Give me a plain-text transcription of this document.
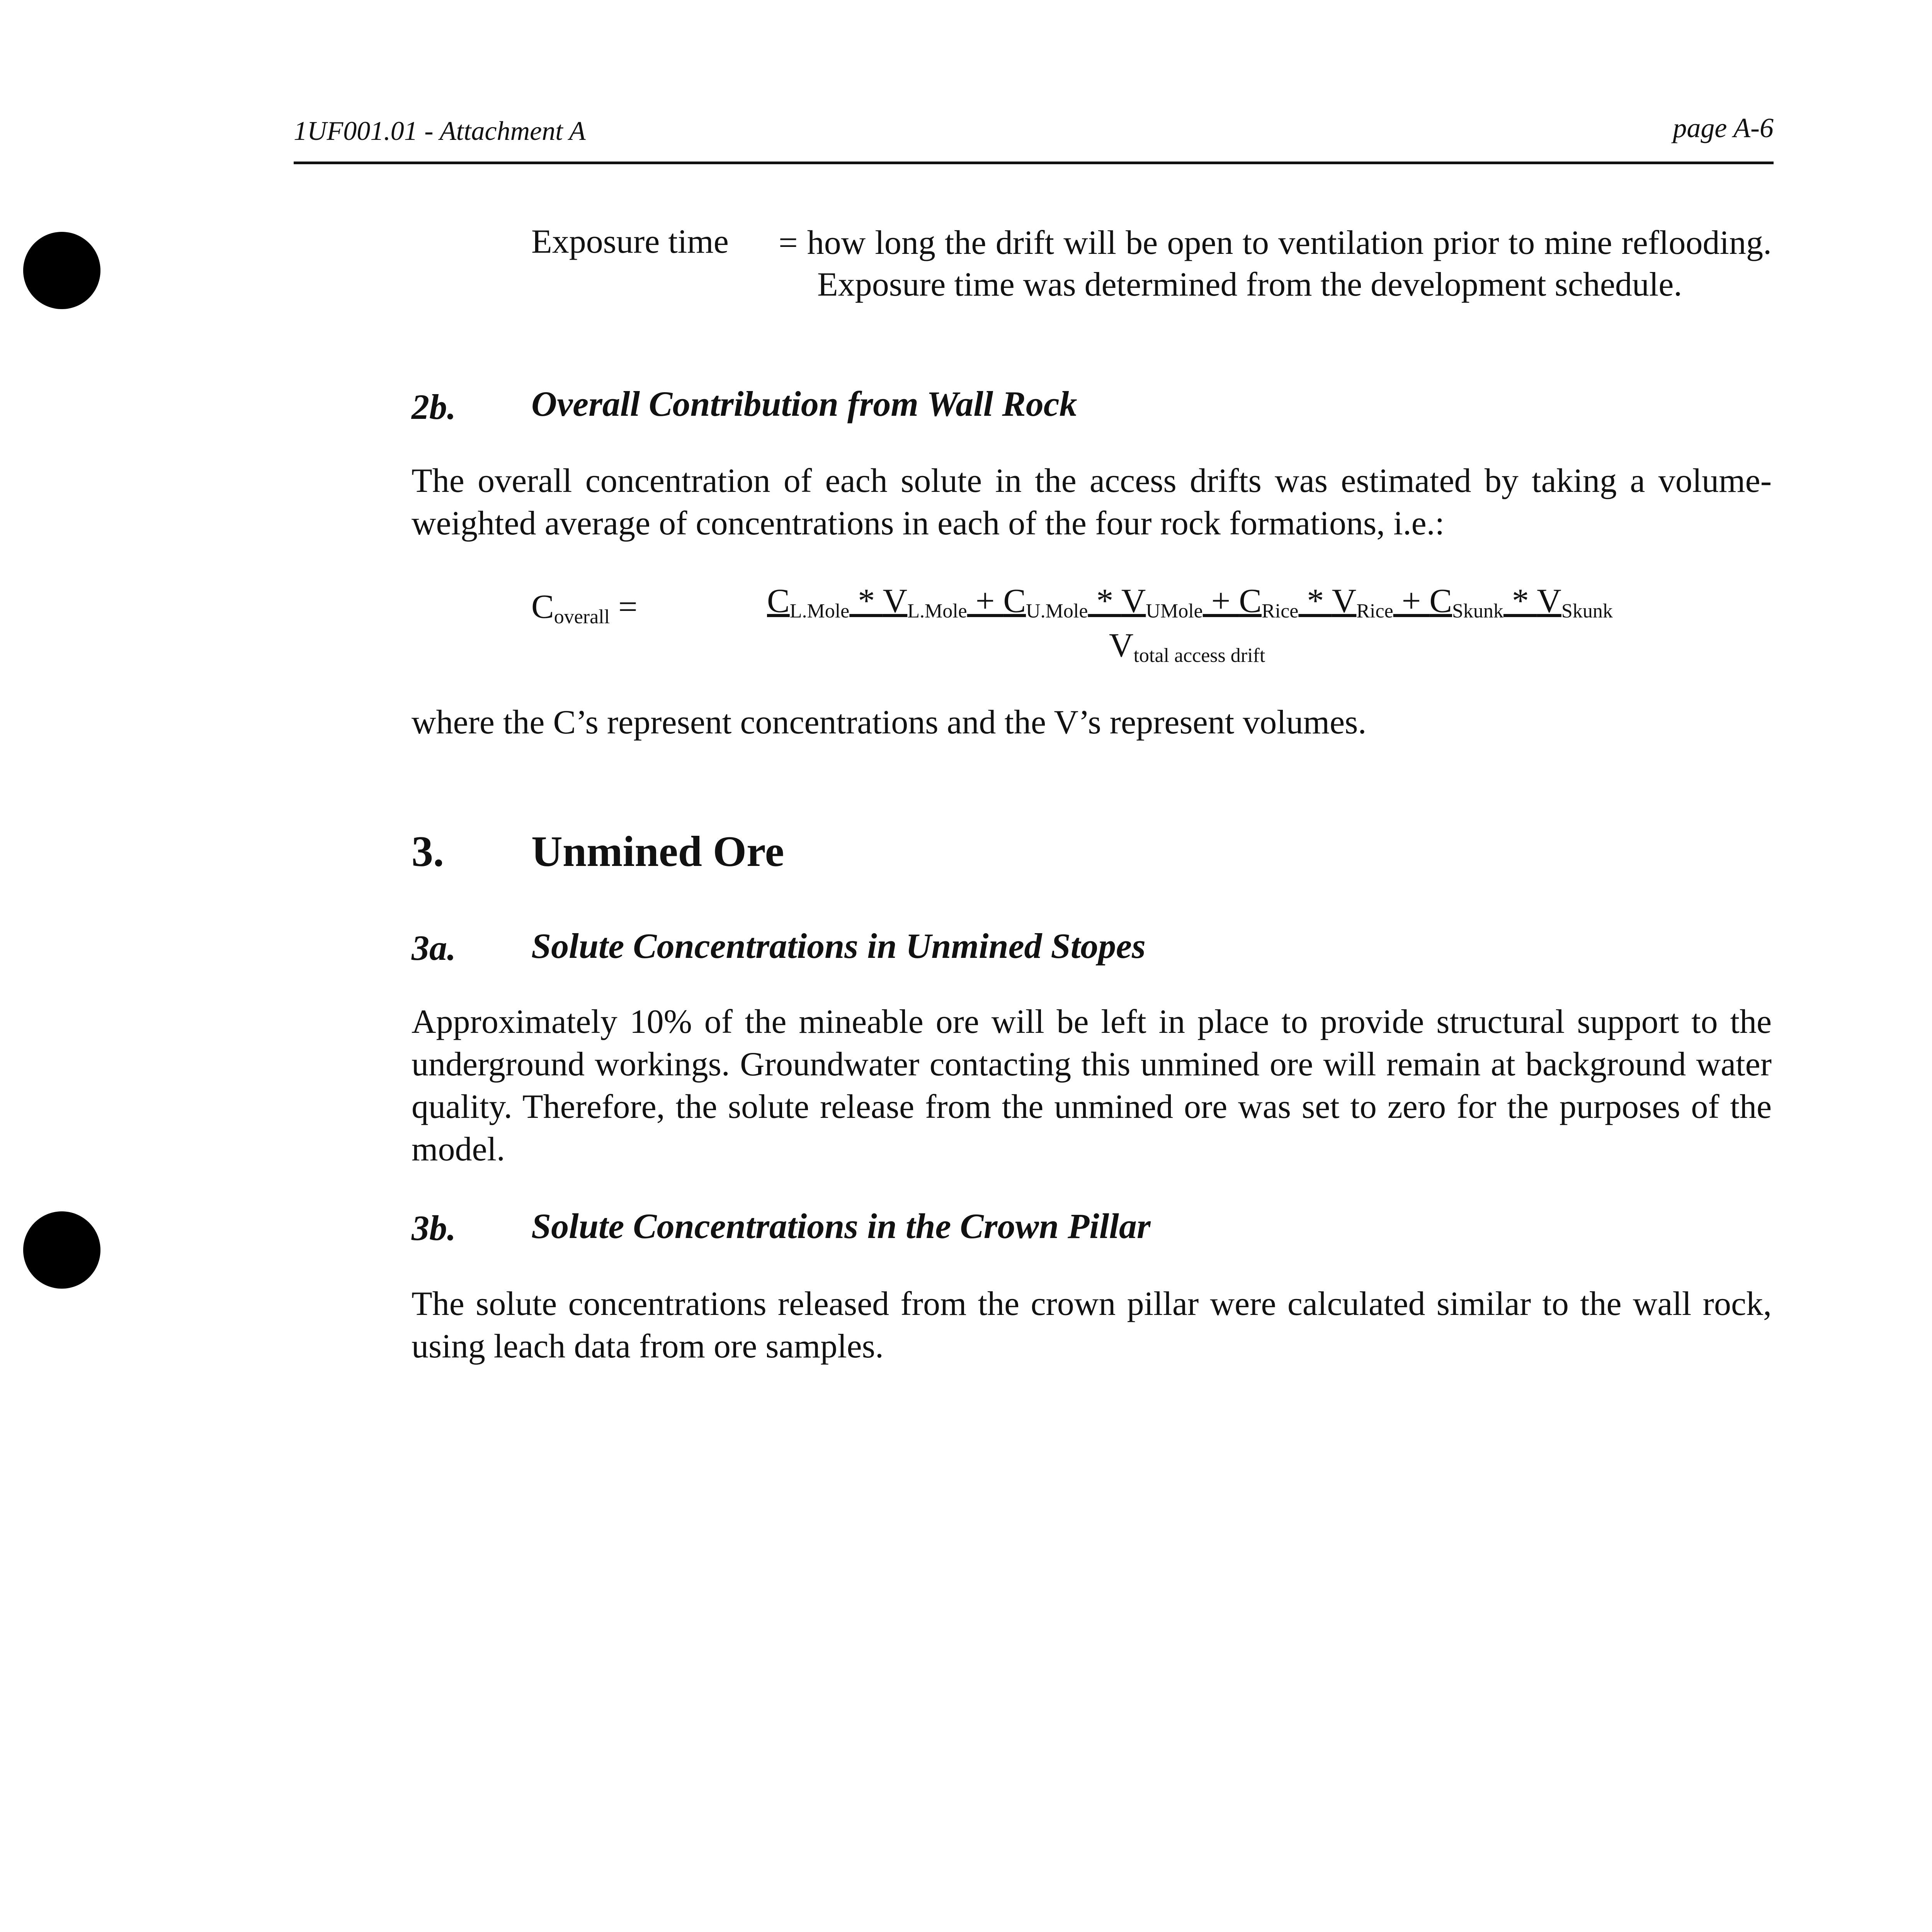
1UF001.01 - Attachment A	page A-6
Exposure time = how long the drift will be open to ventilation prior to mine reflooding. Exposure time was determined from the development schedule.
2b. Overall Contribution from Wall Rock
The overall concentration of each solute in the access drifts was estimated by taking a volume-weighted average of concentrations in each of the four rock formations, i.e.:
$C_{overall}$ =	$C_{L.Mole} * V_{L.Mole} + C_{U.Mole} * V_{UMole} + C_{Rice} * V_{Rice} + C_{Skunk} * V_{Skunk}$
$V_{total access drift}$
where the C’s represent concentrations and the V’s represent volumes.
3. Unmined Ore
3a. Solute Concentrations in Unmined Stopes
Approximately 10% of the mineable ore will be left in place to provide structural support to the underground workings. Groundwater contacting this unmined ore will remain at background water quality. Therefore, the solute release from the unmined ore was set to zero for the purposes of the model.
3b. Solute Concentrations in the Crown Pillar
The solute concentrations released from the crown pillar were calculated similar to the wall rock, using leach data from ore samples.
